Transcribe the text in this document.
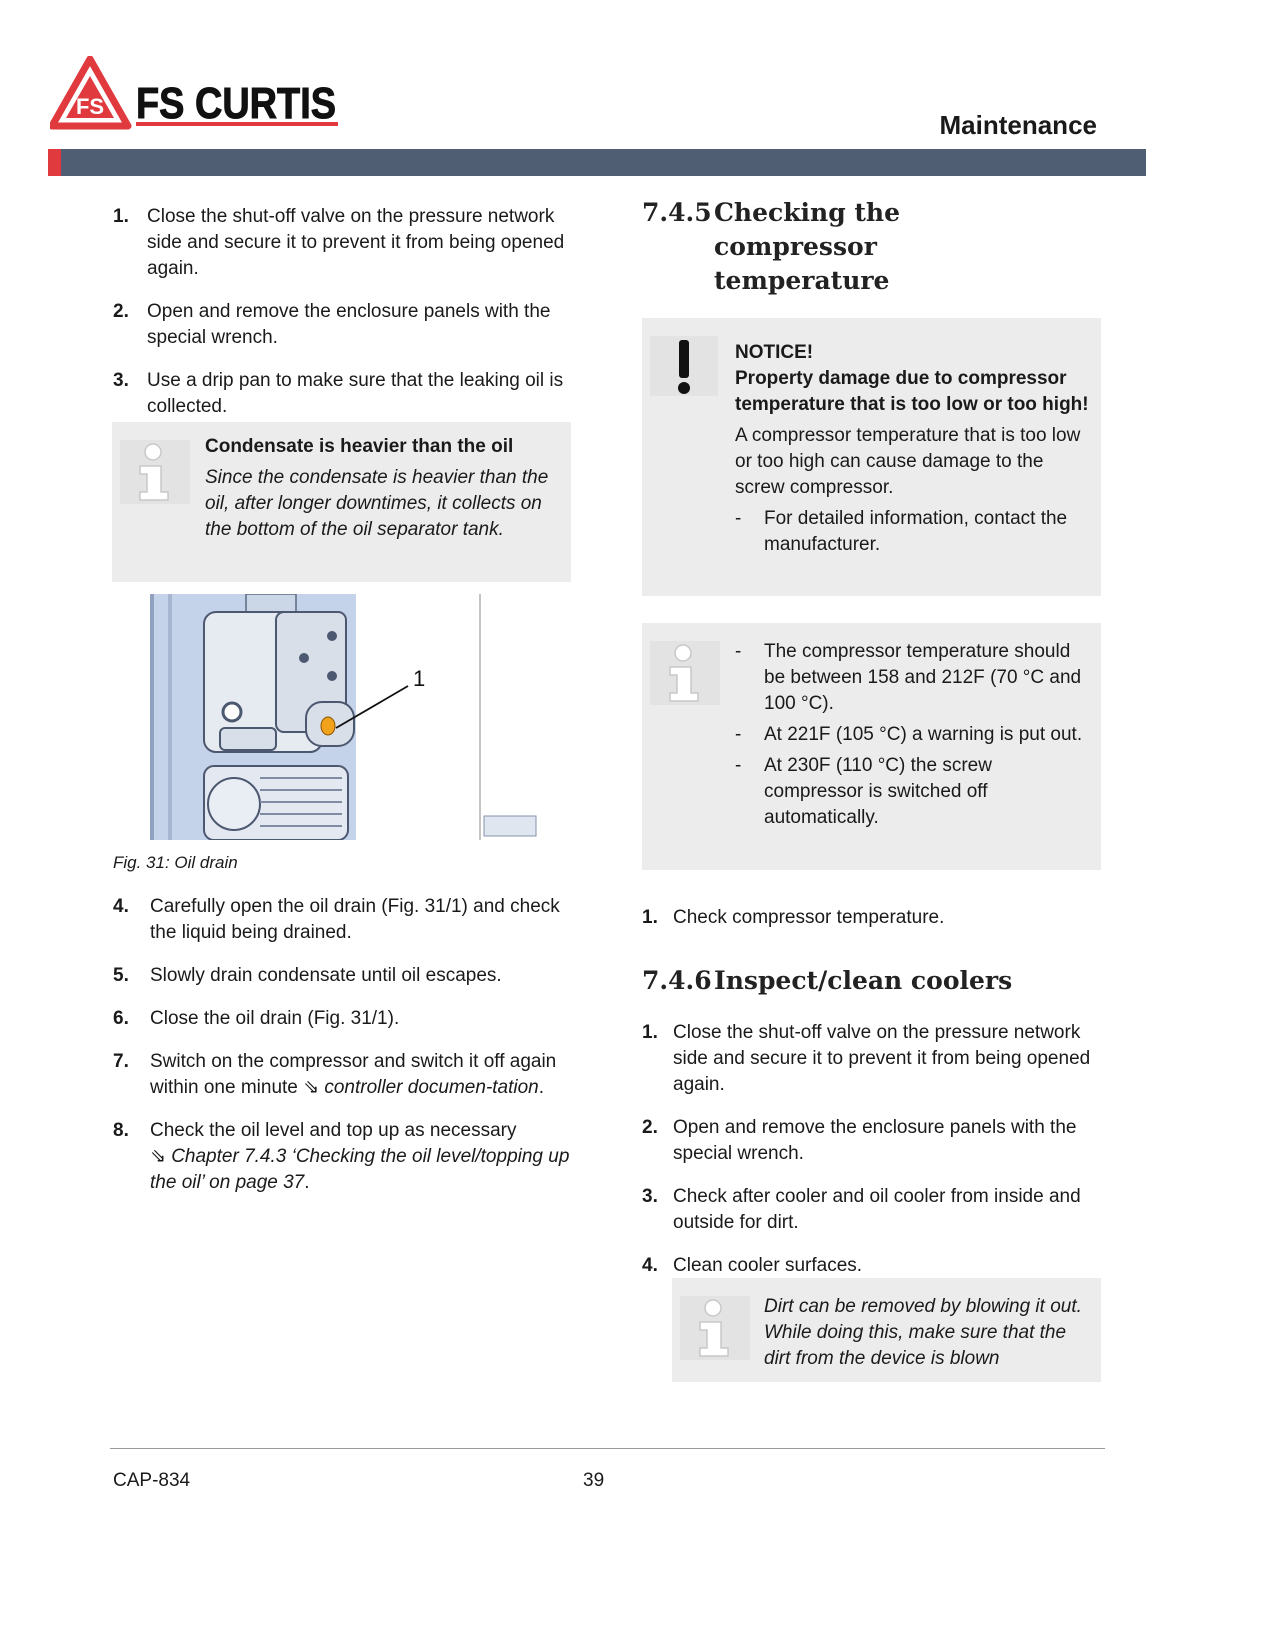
FS FS CURTIS	Maintenance
1. Close the shut-off valve on the pressure network side and secure it to prevent it from being opened again.
2. Open and remove the enclosure panels with the special wrench.
3. Use a drip pan to make sure that the leaking oil is collected.
Condensate is heavier than the oil
Since the condensate is heavier than the oil, after longer downtimes, it collects on the bottom of the oil separator tank.
1
Fig. 31: Oil drain
4. Carefully open the oil drain (Fig. 31/1) and check the liquid being drained.
5. Slowly drain condensate until oil escapes.
6. Close the oil drain (Fig. 31/1).
7. Switch on the compressor and switch it off again within one minute ⇘ controller documen-tation.
8. Check the oil level and top up as necessary
⇘ Chapter 7.4.3 ‘Checking the oil level/topping up the oil’ on page 37.
7.4.5 Checking the compressor temperature
NOTICE!
Property damage due to compressor temperature that is too low or too high!
A compressor temperature that is too low or too high can cause damage to the screw compressor.
- For detailed information, contact the manufacturer.
- The compressor temperature should be between 158 and 212F (70 °C and 100 °C).
- At 221F (105 °C) a warning is put out.
- At 230F (110 °C) the screw compressor is switched off automatically.
1. Check compressor temperature.
7.4.6 Inspect/clean coolers
1. Close the shut-off valve on the pressure network side and secure it to prevent it from being opened again.
2. Open and remove the enclosure panels with the special wrench.
3. Check after cooler and oil cooler from inside and outside for dirt.
4. Clean cooler surfaces.
Dirt can be removed by blowing it out. While doing this, make sure that the dirt from the device is blown
CAP-834	39
